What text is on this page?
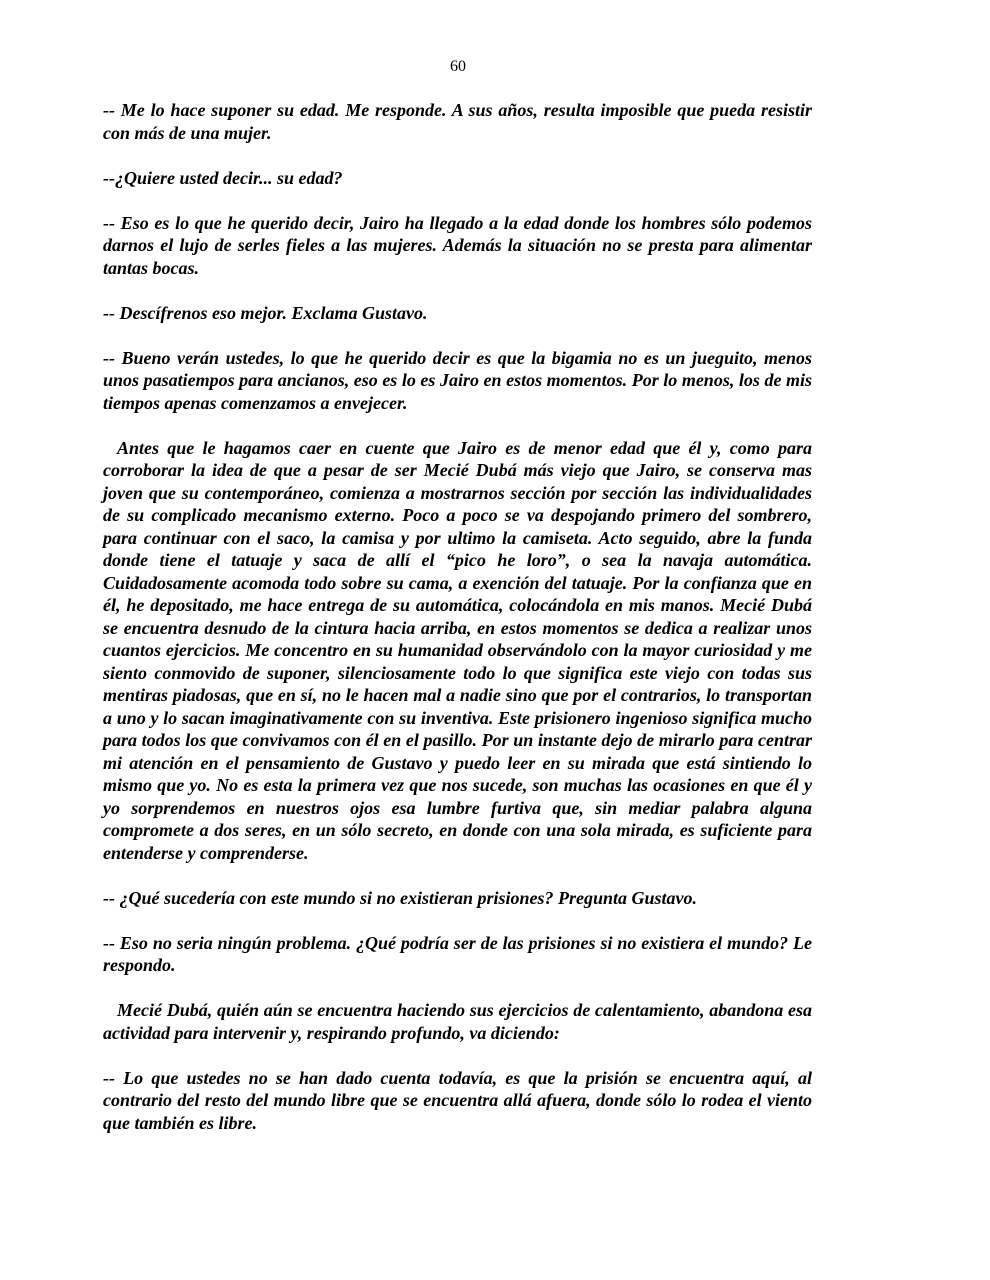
60

-- Me lo hace suponer su edad. Me responde. A sus años, resulta imposible que pueda resistir con más de una mujer.

--¿Quiere usted decir... su edad?

-- Eso es lo que he querido decir, Jairo ha llegado a la edad donde los hombres sólo podemos darnos el lujo de serles fieles a las mujeres. Además la situación no se presta para alimentar tantas bocas.

-- Descífrenos eso mejor. Exclama Gustavo.

-- Bueno verán ustedes, lo que he querido decir es que la bigamia no es un jueguito, menos unos pasatiempos para ancianos, eso es lo es Jairo en estos momentos. Por lo menos, los de mis tiempos apenas comenzamos a envejecer.

Antes que le hagamos caer en cuente que Jairo es de menor edad que él y, como para corroborar la idea de que a pesar de ser Mecié Dubá más viejo que Jairo, se conserva mas joven que su contemporáneo, comienza a mostrarnos sección por sección las individualidades de su complicado mecanismo externo. Poco a poco se va despojando primero del sombrero, para continuar con el saco, la camisa y por ultimo la camiseta. Acto seguido, abre la funda donde tiene el tatuaje y saca de allí el “pico he loro”, o sea la navaja automática. Cuidadosamente acomoda todo sobre su cama, a exención del tatuaje. Por la confianza que en él, he depositado, me hace entrega de su automática, colocándola en mis manos. Mecié Dubá se encuentra desnudo de la cintura hacia arriba, en estos momentos se dedica a realizar unos cuantos ejercicios. Me concentro en su humanidad observándolo con la mayor curiosidad y me siento conmovido de suponer, silenciosamente todo lo que significa este viejo con todas sus mentiras piadosas, que en sí, no le hacen mal a nadie sino que por el contrarios, lo transportan a uno y lo sacan imaginativamente con su inventiva. Este prisionero ingenioso significa mucho para todos los que convivamos con él en el pasillo. Por un instante dejo de mirarlo para centrar mi atención en el pensamiento de Gustavo y puedo leer en su mirada que está sintiendo lo mismo que yo. No es esta la primera vez que nos sucede, son muchas las ocasiones en que él y yo sorprendemos en nuestros ojos esa lumbre furtiva que, sin mediar palabra alguna compromete a dos seres, en un sólo secreto, en donde con una sola mirada, es suficiente para entenderse y comprenderse.

-- ¿Qué sucedería con este mundo si no existieran prisiones? Pregunta Gustavo.

-- Eso no seria ningún problema. ¿Qué podría ser de las prisiones si no existiera el mundo? Le respondo.

Mecié Dubá, quién aún se encuentra haciendo sus ejercicios de calentamiento, abandona esa actividad para intervenir y, respirando profundo, va diciendo:

-- Lo que ustedes no se han dado cuenta todavía, es que la prisión se encuentra aquí, al contrario del resto del mundo libre que se encuentra allá afuera, donde sólo lo rodea el viento que también es libre.
